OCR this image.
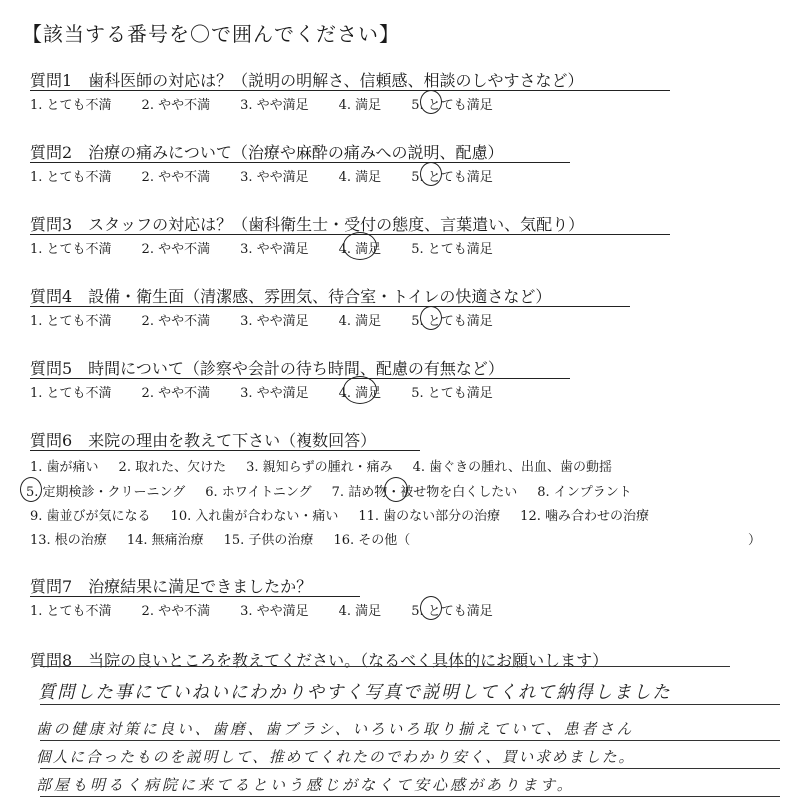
【該当する番号を〇で囲んでください】
質問1　歯科医師の対応は？（説明の明解さ、信頼感、相談のしやすさなど）
1. とても不満 2. やや不満 3. やや満足 4. 満足 5. とても満足
質問2　治療の痛みについて（治療や麻酔の痛みへの説明、配慮）
1. とても不満 2. やや不満 3. やや満足 4. 満足 5. とても満足
質問3　スタッフの対応は？（歯科衛生士・受付の態度、言葉遣い、気配り）
1. とても不満 2. やや不満 3. やや満足 4. 満足 5. とても満足
質問4　設備・衛生面（清潔感、雰囲気、待合室・トイレの快適さなど）
1. とても不満 2. やや不満 3. やや満足 4. 満足 5. とても満足
質問5　時間について（診察や会計の待ち時間、配慮の有無など）
1. とても不満 2. やや不満 3. やや満足 4. 満足 5. とても満足
質問6　来院の理由を教えて下さい（複数回答）
1. 歯が痛い 2. 取れた、欠けた 3. 親知らずの腫れ・痛み 4. 歯ぐきの腫れ、出血、歯の動揺
5. 定期検診・クリーニング 6. ホワイトニング 7. 詰め物・被せ物を白くしたい 8. インプラント
9. 歯並びが気になる 10. 入れ歯が合わない・痛い 11. 歯のない部分の治療 12. 噛み合わせの治療
13. 根の治療 14. 無痛治療 15. 子供の治療 16. その他（	）
質問7　治療結果に満足できましたか？
1. とても不満 2. やや不満 3. やや満足 4. 満足 5. とても満足
質問8　当院の良いところを教えてください。（なるべく具体的にお願いします）
質問した事にていねいにわかりやすく写真で説明してくれて納得しました
歯の健康対策に良い、歯磨、歯ブラシ、いろいろ取り揃えていて、患者さん
個人に合ったものを説明して、推めてくれたのでわかり安く、買い求めました。
部屋も明るく病院に来てるという感じがなくて安心感があります。
